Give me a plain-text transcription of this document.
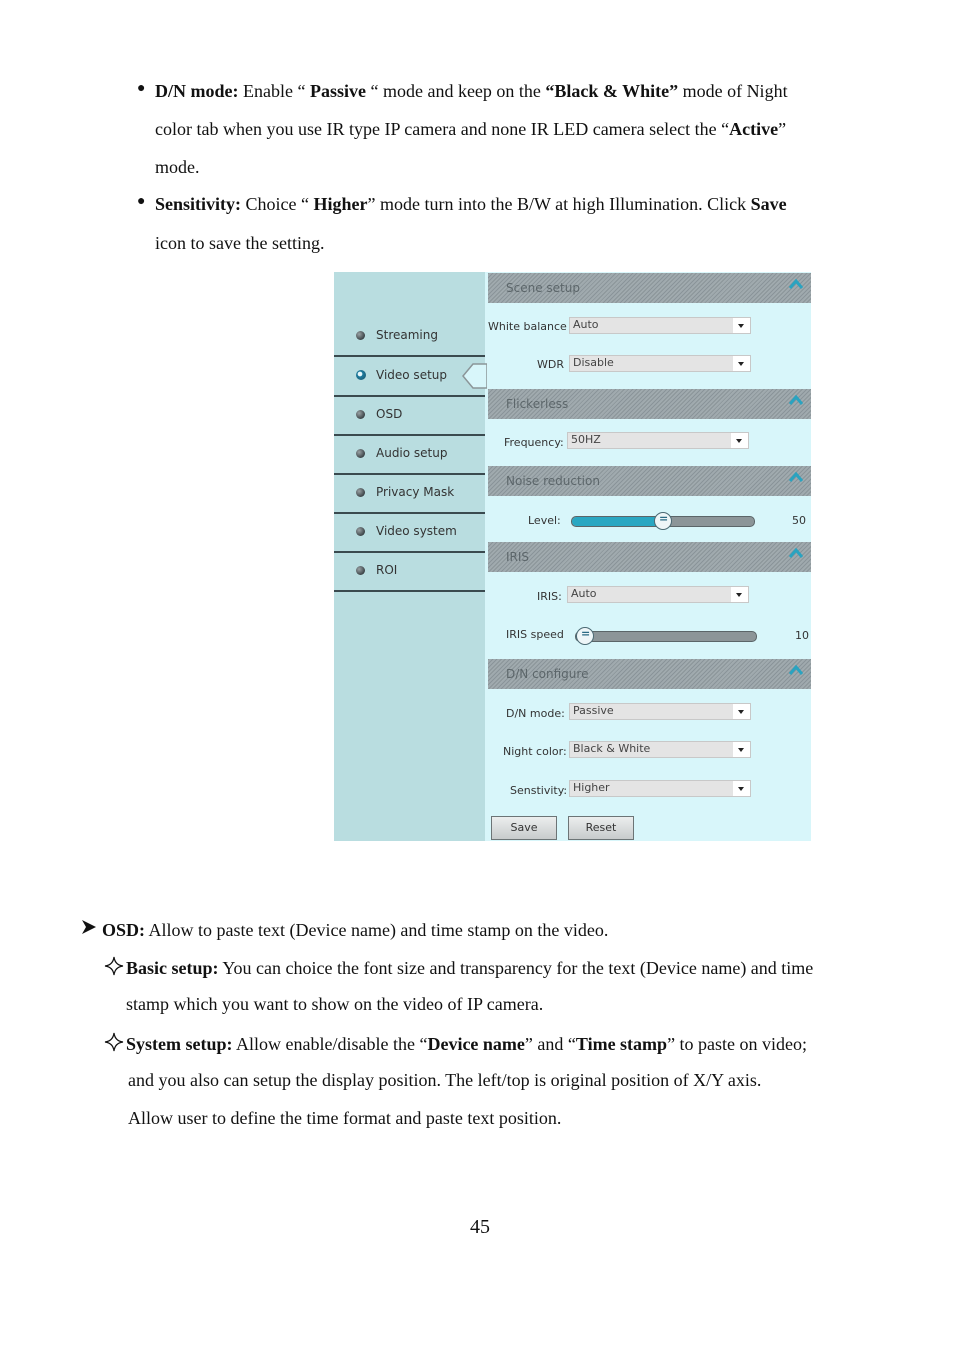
● D/N mode: Enable “ Passive “ mode and keep on the “Black & White” mode of Night
color tab when you use IR type IP camera and none IR LED camera select the “Active”
mode.
● Sensitivity: Choice “ Higher” mode turn into the B/W at high Illumination. Click Save
icon to save the setting.
Streaming
Video setup
OSD
Audio setup
Privacy Mask
Video system
ROI
Scene setup
White balance Auto
WDR Disable
Flickerless
Frequency: 50HZ
Noise reduction
Level: =	50
IRIS
IRIS: Auto
IRIS speed =	10
D/N configure
D/N mode: Passive
Night color: Black & White
Senstivity: Higher
Save	Reset
OSD: Allow to paste text (Device name) and time stamp on the video.
Basic setup: You can choice the font size and transparency for the text (Device name) and time
stamp which you want to show on the video of IP camera.
System setup: Allow enable/disable the “Device name” and “Time stamp” to paste on video;
and you also can setup the display position. The left/top is original position of X/Y axis.
Allow user to define the time format and paste text position.
45
